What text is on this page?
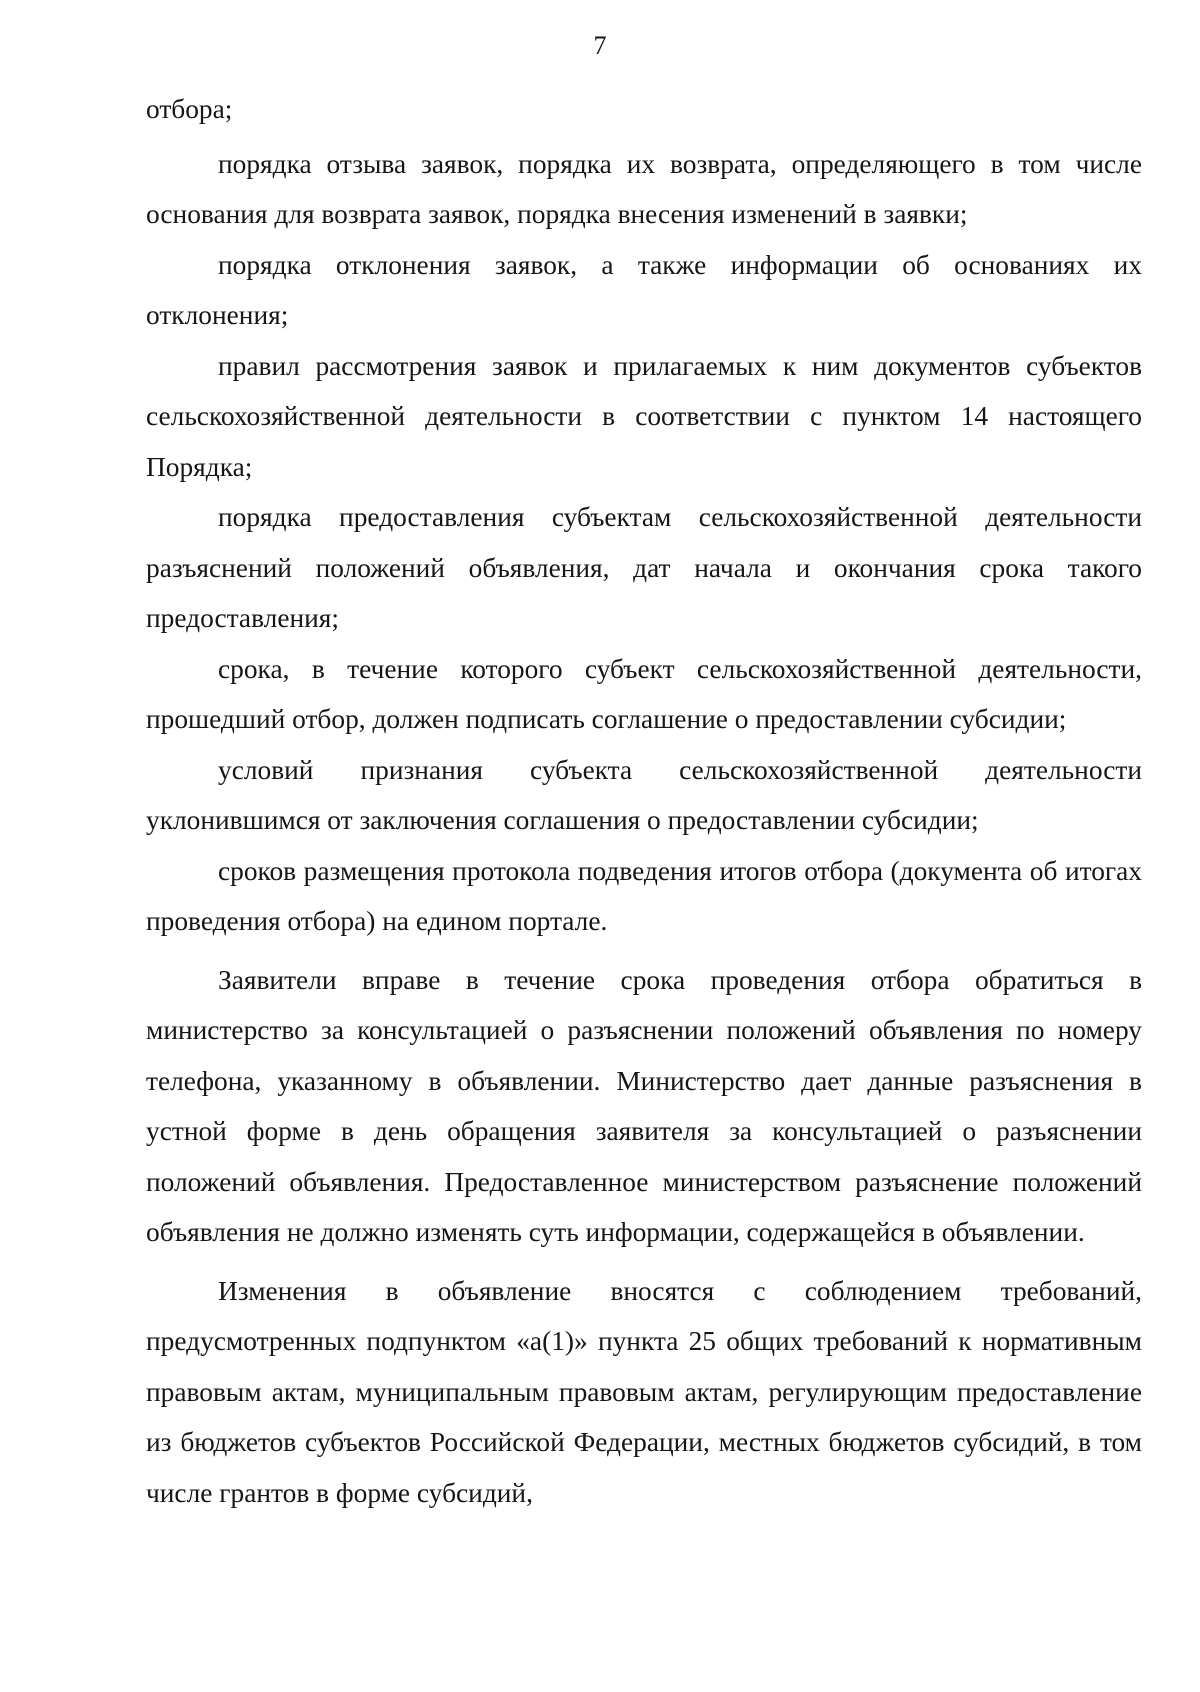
7

отбора;

порядка отзыва заявок, порядка их возврата, определяющего в том числе основания для возврата заявок, порядка внесения изменений в заявки;

порядка отклонения заявок, а также информации об основаниях их отклонения;

правил рассмотрения заявок и прилагаемых к ним документов субъектов сельскохозяйственной деятельности в соответствии с пунктом 14 настоящего Порядка;

порядка предоставления субъектам сельскохозяйственной деятельности разъяснений положений объявления, дат начала и окончания срока такого предоставления;

срока, в течение которого субъект сельскохозяйственной деятельности, прошедший отбор, должен подписать соглашение о предоставлении субсидии;

условий признания субъекта сельскохозяйственной деятельности уклонившимся от заключения соглашения о предоставлении субсидии;

сроков размещения протокола подведения итогов отбора (документа об итогах проведения отбора) на едином портале.

Заявители вправе в течение срока проведения отбора обратиться в министерство за консультацией о разъяснении положений объявления по номеру телефона, указанному в объявлении. Министерство дает данные разъяснения в устной форме в день обращения заявителя за консультацией о разъяснении положений объявления. Предоставленное министерством разъяснение положений объявления не должно изменять суть информации, содержащейся в объявлении.

Изменения в объявление вносятся с соблюдением требований, предусмотренных подпунктом «а(1)» пункта 25 общих требований к нормативным правовым актам, муниципальным правовым актам, регулирующим предоставление из бюджетов субъектов Российской Федерации, местных бюджетов субсидий, в том числе грантов в форме субсидий,
